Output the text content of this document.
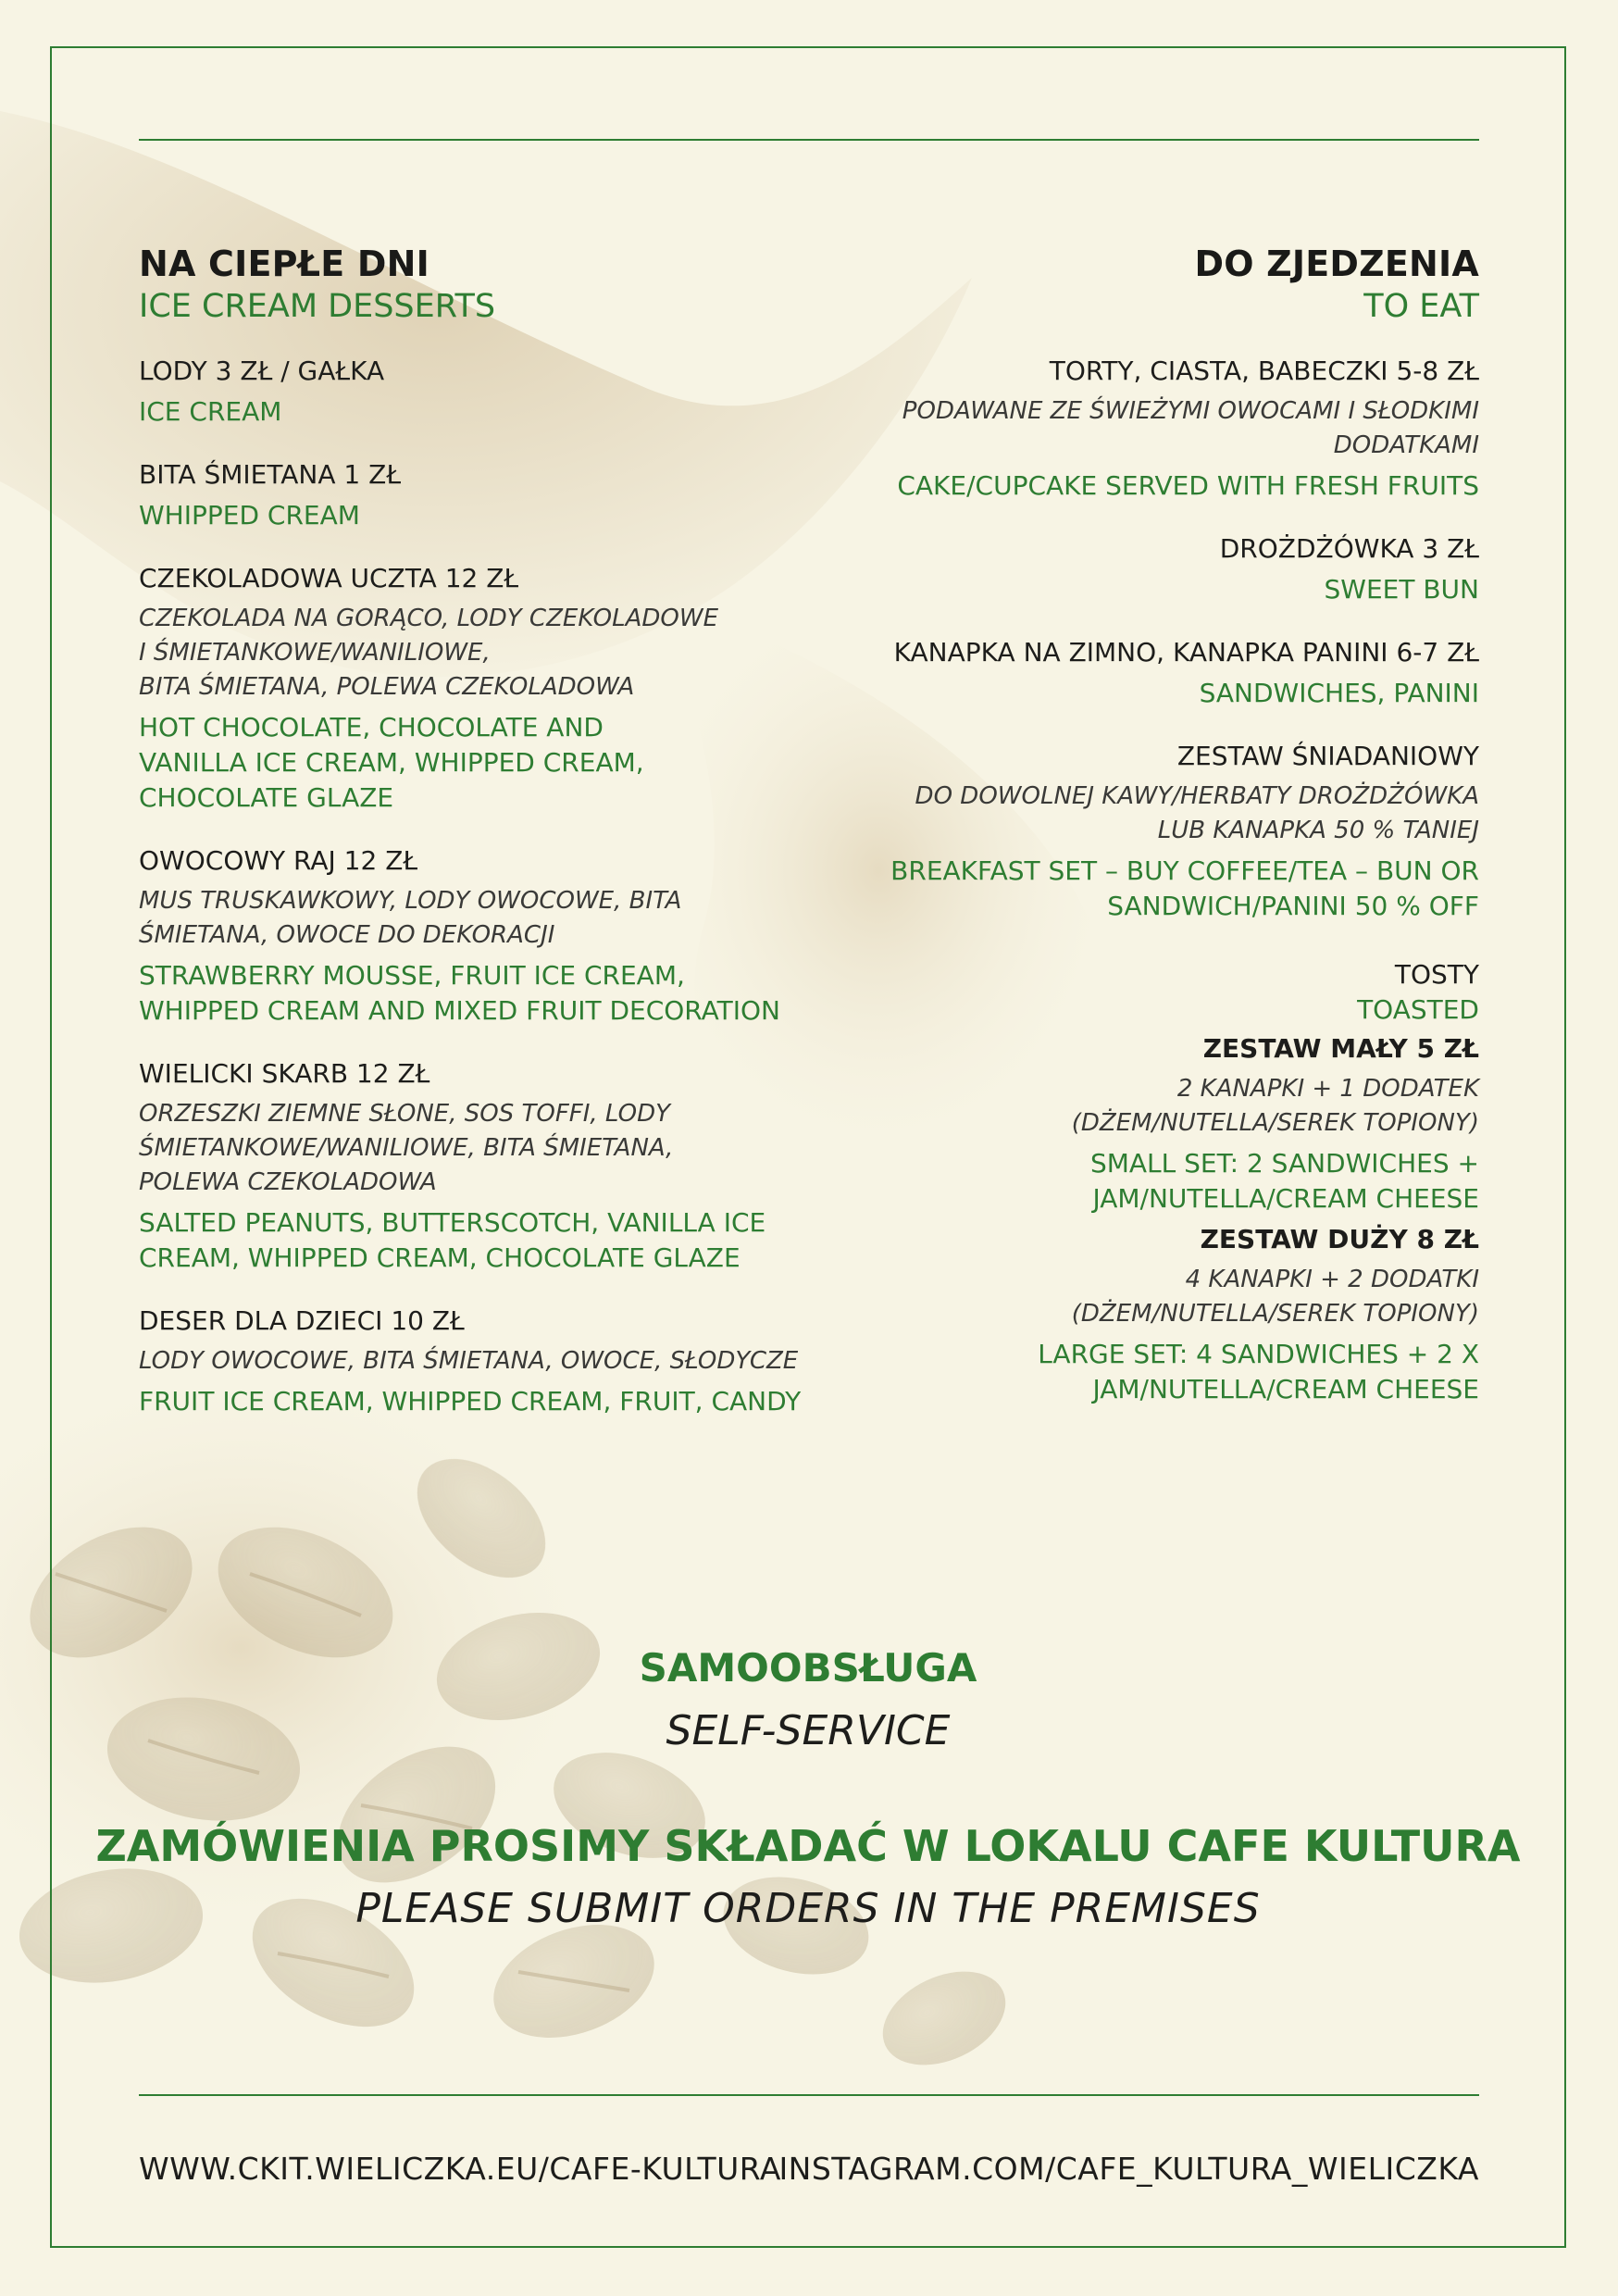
NA CIEPŁE DNI
ICE CREAM DESSERTS
LODY 3 ZŁ / GAŁKA
ICE CREAM
BITA ŚMIETANA 1 ZŁ
WHIPPED CREAM
CZEKOLADOWA UCZTA 12 ZŁ
CZEKOLADA NA GORĄCO, LODY CZEKOLADOWE
I ŚMIETANKOWE/WANILIOWE,
BITA ŚMIETANA, POLEWA CZEKOLADOWA
HOT CHOCOLATE, CHOCOLATE AND
VANILLA ICE CREAM, WHIPPED CREAM,
CHOCOLATE GLAZE
OWOCOWY RAJ 12 ZŁ
MUS TRUSKAWKOWY, LODY OWOCOWE, BITA
ŚMIETANA, OWOCE DO DEKORACJI
STRAWBERRY MOUSSE, FRUIT ICE CREAM,
WHIPPED CREAM AND MIXED FRUIT DECORATION
WIELICKI SKARB 12 ZŁ
ORZESZKI ZIEMNE SŁONE, SOS TOFFI, LODY
ŚMIETANKOWE/WANILIOWE, BITA ŚMIETANA,
POLEWA CZEKOLADOWA
SALTED PEANUTS, BUTTERSCOTCH, VANILLA ICE
CREAM, WHIPPED CREAM, CHOCOLATE GLAZE
DESER DLA DZIECI 10 ZŁ
LODY OWOCOWE, BITA ŚMIETANA, OWOCE, SŁODYCZE
FRUIT ICE CREAM, WHIPPED CREAM, FRUIT, CANDY
DO ZJEDZENIA
TO EAT
TORTY, CIASTA, BABECZKI 5-8 ZŁ
PODAWANE ZE ŚWIEŻYMI OWOCAMI I SŁODKIMI
DODATKAMI
CAKE/CUPCAKE SERVED WITH FRESH FRUITS
DROŻDŻÓWKA 3 ZŁ
SWEET BUN
KANAPKA NA ZIMNO, KANAPKA PANINI 6-7 ZŁ
SANDWICHES, PANINI
ZESTAW ŚNIADANIOWY
DO DOWOLNEJ KAWY/HERBATY DROŻDŻÓWKA
LUB KANAPKA 50 % TANIEJ
BREAKFAST SET – BUY COFFEE/TEA – BUN OR
SANDWICH/PANINI 50 % OFF
TOSTY
TOASTED
ZESTAW MAŁY 5 ZŁ
2 KANAPKI + 1 DODATEK
(DŻEM/NUTELLA/SEREK TOPIONY)
SMALL SET: 2 SANDWICHES +
JAM/NUTELLA/CREAM CHEESE
ZESTAW DUŻY 8 ZŁ
4 KANAPKI + 2 DODATKI
(DŻEM/NUTELLA/SEREK TOPIONY)
LARGE SET: 4 SANDWICHES + 2 X
JAM/NUTELLA/CREAM CHEESE
SAMOOBSŁUGA
SELF-SERVICE
ZAMÓWIENIA PROSIMY SKŁADAĆ W LOKALU CAFE KULTURA
PLEASE SUBMIT ORDERS IN THE PREMISES
WWW.CKIT.WIELICZKA.EU/CAFE-KULTURA
INSTAGRAM.COM/CAFE_KULTURA_WIELICZKA
